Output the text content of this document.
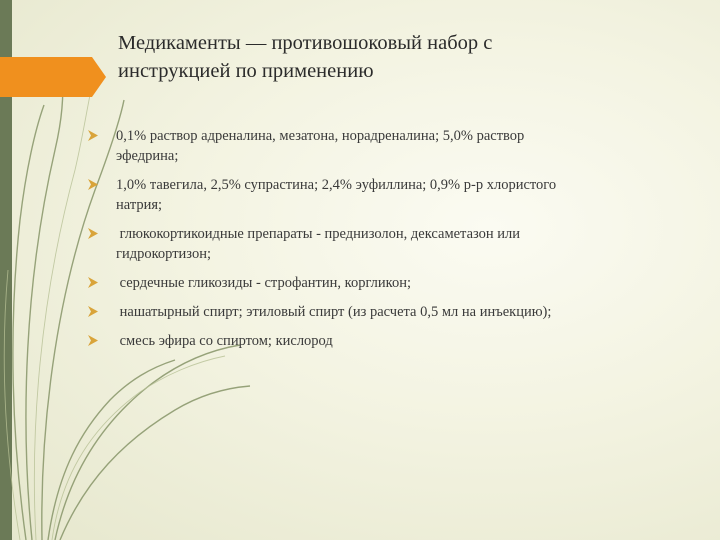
Медикаменты — противошоковый набор с
инструкцией по применению
0,1% раствор адреналина, мезатона, норадреналина; 5,0% раствор
эфедрина;
1,0% тавегила, 2,5% супрастина; 2,4% эуфиллина; 0,9% р-р хлористого
натрия;
глюкокортикоидные препараты - преднизолон, дексаметазон или
гидрокортизон;
сердечные гликозиды - строфантин, коргликон;
нашатырный спирт; этиловый спирт (из расчета 0,5 мл на инъекцию);
смесь эфира со спиртом; кислород
